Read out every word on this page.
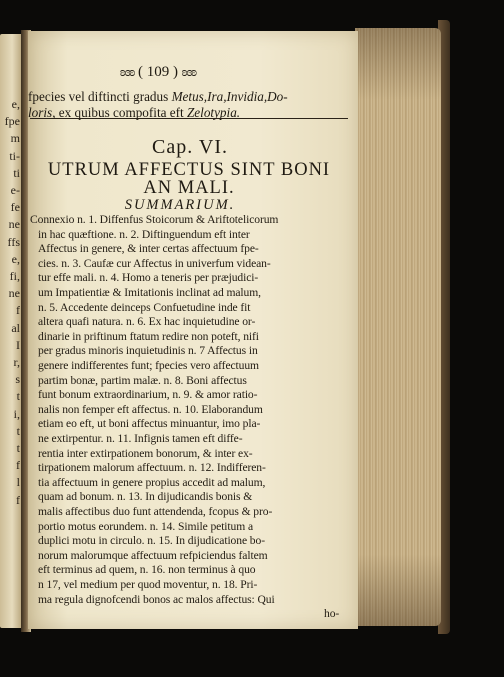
e,
fpe
m
ti-
ti
e-
fe
ne
ffs
e,
fi,
ne
f
al
I
r,
s
t
i,
t
t
f
l
f
ʚɞʚ ( 109 ) ʚɞʚ
fpecies vel diftincti gradus Metus,Ira,Invidia,Do-
loris, ex quibus compofita eft Zelotypia.
Cap. VI.
UTRUM AFFECTUS SINT BONI
AN MALI.
SUMMARIUM.
Connexio n. 1. Diffenfus Stoicorum & Ariftotelicorum
in hac quæftione. n. 2. Diftinguendum eft inter
Affectus in genere, & inter certas affectuum fpe-
cies. n. 3. Caufæ cur Affectus in univerfum videan-
tur effe mali. n. 4. Homo a teneris per præjudici-
um Impatientiæ & Imitationis inclinat ad malum,
n. 5. Accedente deinceps Confuetudine inde fit
altera quafi natura. n. 6. Ex hac inquietudine or-
dinarie in priftinum ftatum redire non poteft, nifi
per gradus minoris inquietudinis n. 7 Affectus in
genere indifferentes funt; fpecies vero affectuum
partim bonæ, partim malæ. n. 8. Boni affectus
funt bonum extraordinarium, n. 9. & amor ratio-
nalis non femper eft affectus. n. 10. Elaborandum
etiam eo eft, ut boni affectus minuantur, imo pla-
ne extirpentur. n. 11. Infignis tamen eft diffe-
rentia inter extirpationem bonorum, & inter ex-
tirpationem malorum affectuum. n. 12. Indifferen-
tia affectuum in genere propius accedit ad malum,
quam ad bonum. n. 13. In dijudicandis bonis &
malis affectibus duo funt attendenda, fcopus & pro-
portio motus eorundem. n. 14. Simile petitum a
duplici motu in circulo. n. 15. In dijudicatione bo-
norum malorumque affectuum refpiciendus faltem
eft terminus ad quem, n. 16. non terminus à quo
n 17, vel medium per quod moventur, n. 18. Pri-
ma regula dignofcendi bonos ac malos affectus: Qui
ho-
